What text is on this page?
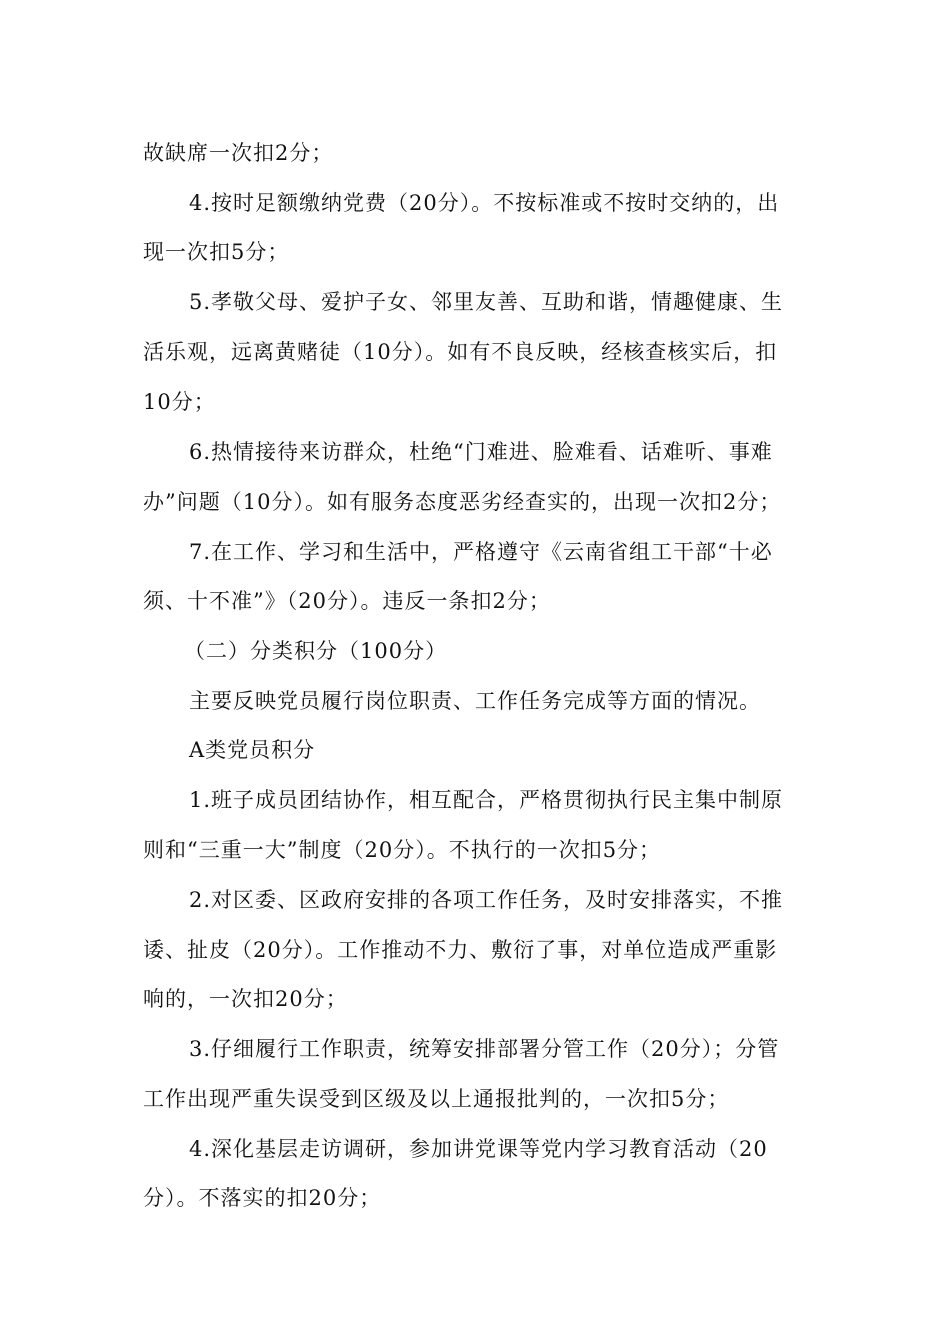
故缺席一次扣2分；
4.按时足额缴纳党费（20分）。不按标准或不按时交纳的，出
现一次扣5分；
5.孝敬父母、爱护子女、邻里友善、互助和谐，情趣健康、生
活乐观，远离黄赌徒（10分）。如有不良反映，经核查核实后，扣
10分；
6.热情接待来访群众，杜绝“门难进、脸难看、话难听、事难
办”问题（10分）。如有服务态度恶劣经查实的，出现一次扣2分；
7.在工作、学习和生活中，严格遵守《云南省组工干部“十必
须、十不准”》（20分）。违反一条扣2分；
（二）分类积分（100分）
主要反映党员履行岗位职责、工作任务完成等方面的情况。
A类党员积分
1.班子成员团结协作，相互配合，严格贯彻执行民主集中制原
则和“三重一大”制度（20分）。不执行的一次扣5分；
2.对区委、区政府安排的各项工作任务，及时安排落实，不推
诿、扯皮（20分）。工作推动不力、敷衍了事，对单位造成严重影
响的，一次扣20分；
3.仔细履行工作职责，统筹安排部署分管工作（20分）；分管
工作出现严重失误受到区级及以上通报批判的，一次扣5分；
4.深化基层走访调研，参加讲党课等党内学习教育活动（20
分）。不落实的扣20分；
